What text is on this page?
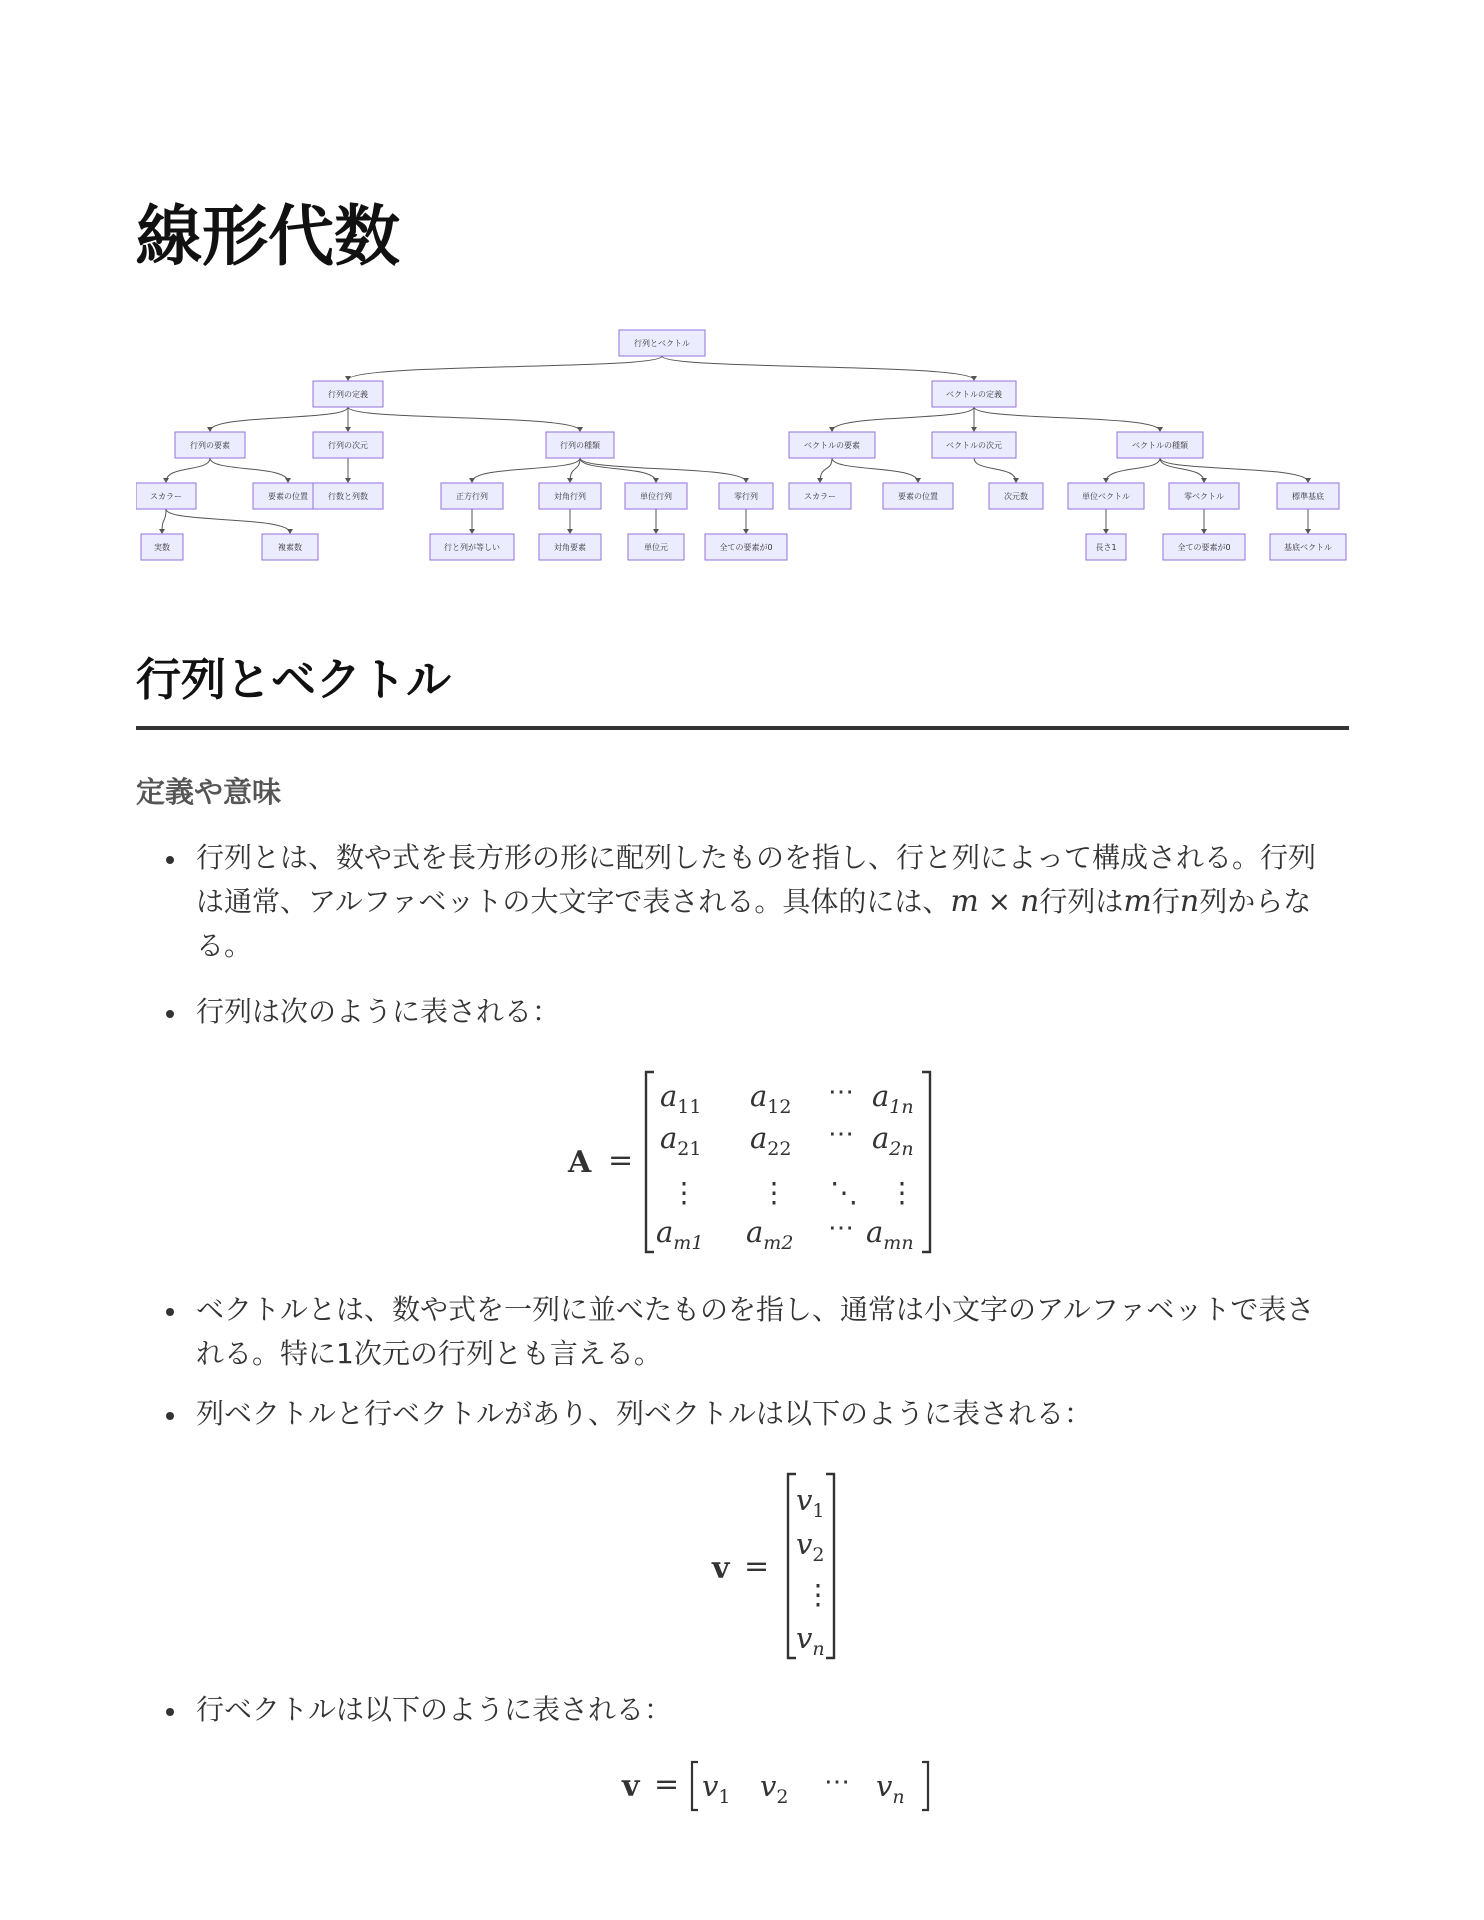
線形代数
行列とベクトル
行列の定義	ベクトルの定義
行列の要素	行列の次元	行列の種類	ベクトルの要素	ベクトルの次元	ベクトルの種類
スカラー	要素の位置	行数と列数	正方行列	対角行列	単位行列	零行列	スカラー	要素の位置	次元数	単位ベクトル	零ベクトル	標準基底
実数	複素数	行と列が等しい	対角要素	単位元	全ての要素が0	長さ1	全ての要素が0	基底ベクトル
行列とベクトル
定義や意味

行列とは、数や式を長方形の形に配列したものを指し、行と列によって構成される。行列は通常、アルファベットの大文字で表される。具体的には、m × n行列はm行n列からなる。

行列は次のように表される：

A =
$a_{11}$ $a_{12}$ ⋯ $a_{1n}$
$a_{21}$ $a_{22}$ ⋯ $a_{2n}$
⋮ ⋮ ⋱ ⋮
$a_{m1}$ $a_{m2}$ ⋯ $a_{mn}$

ベクトルとは、数や式を一列に並べたものを指し、通常は小文字のアルファベットで表される。特に1次元の行列とも言える。

列ベクトルと行ベクトルがあり、列ベクトルは以下のように表される：

v =
$v_1$
$v_2$
⋮
$v_n$

行ベクトルは以下のように表される：

$v = v_1$ $v_2$ ⋯ $v_n$
